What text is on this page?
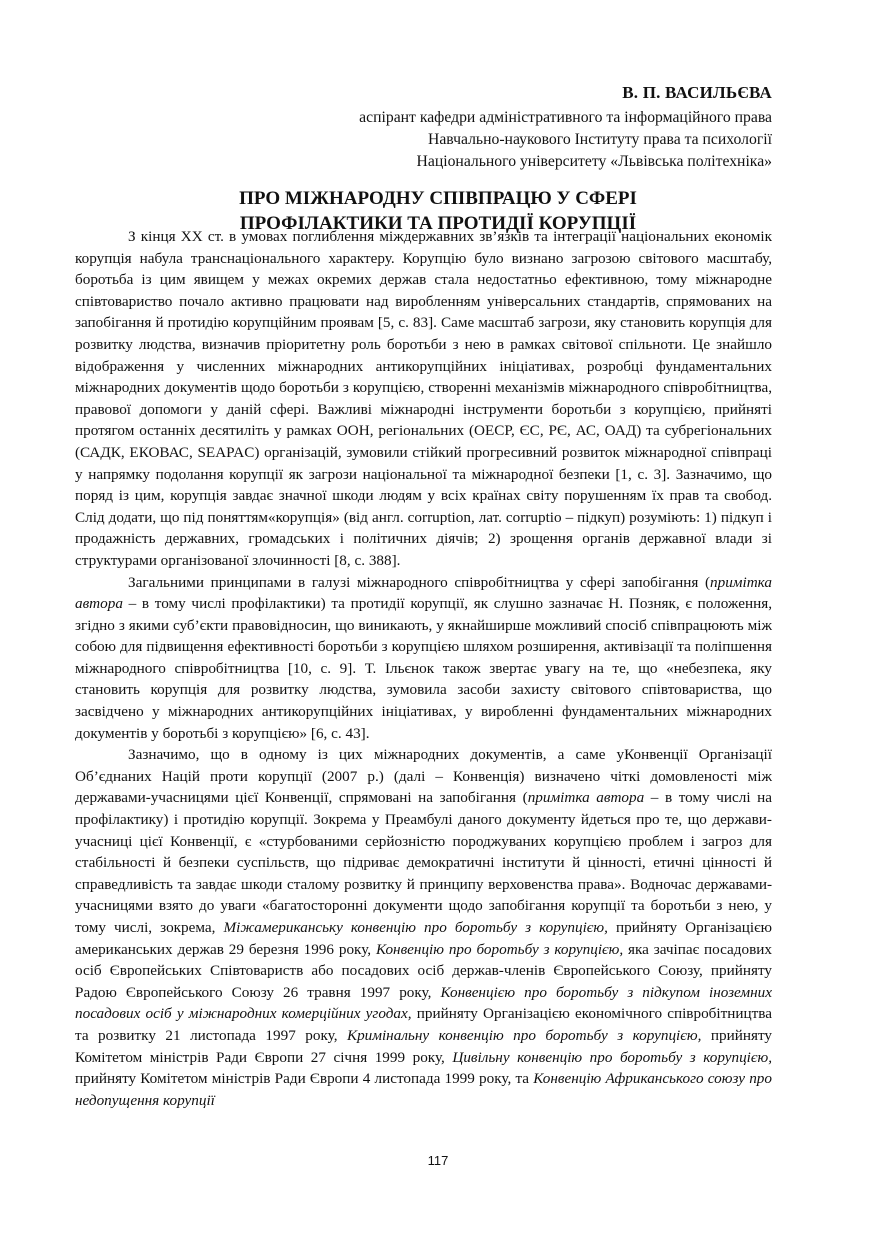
В. П. ВАСИЛЬЄВА
аспірант кафедри адміністративного та інформаційного права
Навчально-наукового Інституту права та психології
Національного університету «Львівська політехніка»
ПРО МІЖНАРОДНУ СПІВПРАЦЮ У СФЕРІ
ПРОФІЛАКТИКИ ТА ПРОТИДІЇ КОРУПЦІЇ

З кінця XX ст. в умовах поглиблення міждержавних зв’язків та інтеграції національних економік корупція набула транснаціонального характеру. Корупцію було визнано загрозою світового масштабу, боротьба із цим явищем у межах окремих держав стала недостатньо ефективною, тому міжнародне співтовариство почало активно працювати над виробленням універсальних стандартів, спрямованих на запобігання й протидію корупційним проявам [5, с. 83]. Саме масштаб загрози, яку становить корупція для розвитку людства, визначив пріоритетну роль боротьби з нею в рамках світової спільноти. Це знайшло відображення у численних міжнародних антикорупційних ініціативах, розробці фундаментальних міжнародних документів щодо боротьби з корупцією, створенні механізмів міжнародного співробітництва, правової допомоги у даній сфері. Важливі міжнародні інструменти боротьби з корупцією, прийняті протягом останніх десятиліть у рамках ООН, регіональних (ОЕСР, ЄС, РЄ, АС, ОАД) та субрегіональних (САДК, ЕКОВАС, SEAPAC) організацій, зумовили стійкий прогресивний розвиток міжнародної співпраці у напрямку подолання корупції як загрози національної та міжнародної безпеки [1, с. 3]. Зазначимо, що поряд із цим, корупція завдає значної шкоди людям у всіх країнах світу порушенням їх прав та свобод. Слід додати, що під поняттям«корупція» (від англ. corruption, лат. corruptio – підкуп) розуміють: 1) підкуп і продажність державних, громадських і політичних діячів; 2) зрощення органів державної влади зі структурами організованої злочинності [8, с. 388].

Загальними принципами в галузі міжнародного співробітництва у сфері запобігання (примітка автора – в тому числі профілактики) та протидії корупції, як слушно зазначає Н. Позняк, є положення, згідно з якими суб’єкти правовідносин, що виникають, у якнайширше можливий спосіб співпрацюють між собою для підвищення ефективності боротьби з корупцією шляхом розширення, активізації та поліпшення міжнародного співробітництва [10, с. 9]. Т. Ільєнок також звертає увагу на те, що «небезпека, яку становить корупція для розвитку людства, зумовила засоби захисту світового співтовариства, що засвідчено у міжнародних антикорупційних ініціативах, у виробленні фундаментальних міжнародних документів у боротьбі з корупцією» [6, с. 43].

Зазначимо, що в одному із цих міжнародних документів, а саме уКонвенції Організації Об’єднаних Націй проти корупції (2007 р.) (далі – Конвенція) визначено чіткі домовленості між державами-учасницями цієї Конвенції, спрямовані на запобігання (примітка автора – в тому числі на профілактику) і протидію корупції. Зокрема у Преамбулі даного документу йдеться про те, що держави-учасниці цієї Конвенції, є «стурбованими серйозністю породжуваних корупцією проблем і загроз для стабільності й безпеки суспільств, що підриває демократичні інститути й цінності, етичні цінності й справедливість та завдає шкоди сталому розвитку й принципу верховенства права». Водночас державами-учасницями взято до уваги «багатосторонні документи щодо запобігання корупції та боротьби з нею, у тому числі, зокрема, Міжамериканську конвенцію про боротьбу з корупцією, прийняту Організацією американських держав 29 березня 1996 року, Конвенцію про боротьбу з корупцією, яка зачіпає посадових осіб Європейських Співтовариств або посадових осіб держав-членів Європейського Союзу, прийняту Радою Європейського Союзу 26 травня 1997 року, Конвенцією про боротьбу з підкупом іноземних посадових осіб у міжнародних комерційних угодах, прийняту Організацією економічного співробітництва та розвитку 21 листопада 1997 року, Кримінальну конвенцію про боротьбу з корупцією, прийняту Комітетом міністрів Ради Європи 27 січня 1999 року, Цивільну конвенцію про боротьбу з корупцією, прийняту Комітетом міністрів Ради Європи 4 листопада 1999 року, та Конвенцію Африканського союзу про недопущення корупції

117
